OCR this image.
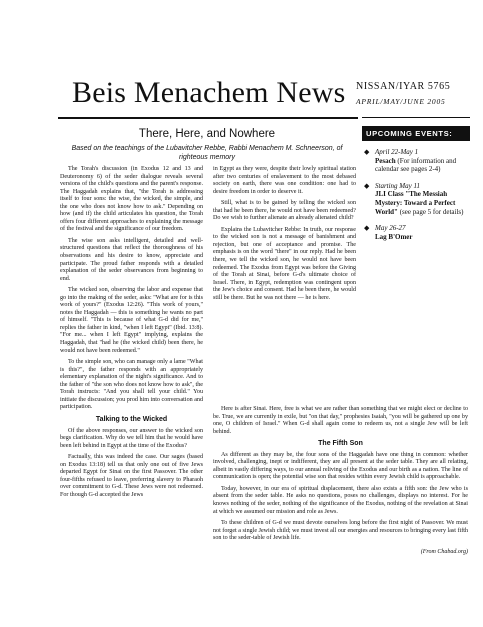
Beis Menachem News	NISSAN/IYAR 5765
APRIL/MAY/JUNE 2005
There, Here, and Nowhere
Based on the teachings of the Lubavitcher Rebbe, Rabbi Menachem M. Schneerson, of righteous memory

The Torah's discussion (in Exodus 12 and 13 and Deuteronomy 6) of the seder dialogue reveals several versions of the child's questions and the parent's response. The Haggadah explains that, "the Torah is addressing itself to four sons: the wise, the wicked, the simple, and the one who does not know how to ask." Depending on how (and if) the child articulates his question, the Torah offers four different approaches to explaining the message of the festival and the significance of our freedom.

The wise son asks intelligent, detailed and well-structured questions that reflect the thoroughness of his observations and his desire to know, appreciate and participate. The proud father responds with a detailed explanation of the seder observances from beginning to end.

The wicked son, observing the labor and expense that go into the making of the seder, asks: "What are for is this work of yours?" (Exodus 12:26). "This work of yours," notes the Haggadah — this is something he wants no part of himself. "This is because of what G-d did for me," replies the father in kind, "when I left Egypt" (Ibid. 13:8). "For me... when I left Egypt" implying, explains the Haggadah, that "had he (the wicked child) been there, he would not have been redeemed."

To the simple son, who can manage only a lame "What is this?", the father responds with an appropriately elementary explanation of the night's significance. And to the father of "the son who does not know how to ask", the Torah instructs: "And you shall tell your child." You initiate the discussion; you prod him into conversation and participation.

Talking to the Wicked

Of the above responses, our answer to the wicked son begs clarification. Why do we tell him that he would have been left behind in Egypt at the time of the Exodus?

Factually, this was indeed the case. Our sages (based on Exodus 13:18) tell us that only one out of five Jews departed Egypt for Sinai on the first Passover. The other four-fifths refused to leave, preferring slavery to Pharaoh over commitment to G-d. These Jews were not redeemed. For though G-d accepted the Jews

in Egypt as they were, despite their lowly spiritual station after two centuries of enslavement to the most debased society on earth, there was one condition: one had to desire freedom in order to deserve it.

Still, what is to be gained by telling the wicked son that had he been there, he would not have been redeemed? Do we wish to further alienate an already alienated child?

Explains the Lubavitcher Rebbe: In truth, our response to the wicked son is not a message of banishment and rejection, but one of acceptance and promise. The emphasis is on the word "there" in our reply. Had he been there, we tell the wicked son, he would not have been redeemed. The Exodus from Egypt was before the Giving of the Torah at Sinai, before G-d's ultimate choice of Israel. There, in Egypt, redemption was contingent upon the Jew's choice and consent. Had he been there, he would still be there. But he was not there — he is here.

Here is after Sinai. Here, free is what we are rather than something that we might elect or decline to be. True, we are currently in exile, but "on that day," prophesies Isaiah, "you will be gathered up one by one, O children of Israel." When G-d shall again come to redeem us, not a single Jew will be left behind.

The Fifth Son

As different as they may be, the four sons of the Haggadah have one thing in common: whether involved, challenging, inept or indifferent, they are all present at the seder table. They are all relating, albeit in vastly differing ways, to our annual reliving of the Exodus and our birth as a nation. The line of communication is open; the potential wise son that resides within every Jewish child is approachable.

Today, however, in our era of spiritual displacement, there also exists a fifth son: the Jew who is absent from the seder table. He asks no questions, poses no challenges, displays no interest. For he knows nothing of the seder, nothing of the significance of the Exodus, nothing of the revelation at Sinai at which we assumed our mission and role as Jews.

To these children of G-d we must devote ourselves long before the first night of Passover. We must not forget a single Jewish child; we must invest all our energies and resources to bringing every last fifth son to the seder-table of Jewish life.

(From Chabad.org)
UPCOMING EVENTS:
◆ April 22-May 1
Pesach (For information and calendar see pages 2-4)
◆ Starting May 11
JLI Class "The Messiah Mystery: Toward a Perfect World" (see page 5 for details)
◆ May 26-27
Lag B'Omer
